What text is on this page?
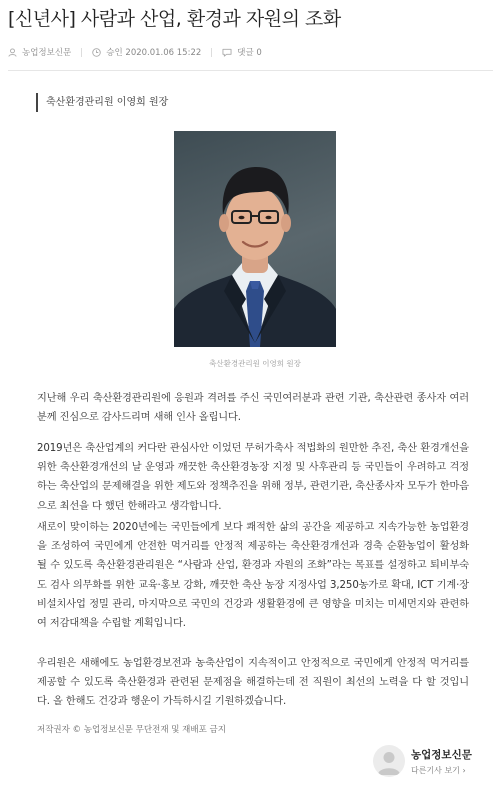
[신년사] 사람과 산업, 환경과 자원의 조화
농업정보신문	승인 2020.01.06 15:22	댓글 0
축산환경관리원 이영희 원장
축산환경관리원 이영희 원장

지난해 우리 축산환경관리원에 응원과 격려를 주신 국민여러분과 관련 기관, 축산관련 종사자 여러분께 진심으로 감사드리며 새해 인사 올립니다.

2019년은 축산업계의 커다란 관심사안 이었던 무허가축사 적법화의 원만한 추진, 축산 환경개선을 위한 축산환경개선의 날 운영과 깨끗한 축산환경농장 지정 및 사후관리 등 국민들이 우려하고 걱정하는 축산업의 문제해결을 위한 제도와 정책추진을 위해 정부, 관련기관, 축산종사자 모두가 한마음으로 최선을 다 했던 한해라고 생각합니다.

새로이 맞이하는 2020년에는 국민들에게 보다 쾌적한 삶의 공간을 제공하고 지속가능한 농업환경을 조성하여 국민에게 안전한 먹거리를 안정적 제공하는 축산환경개선과 경축 순환농업이 활성화 될 수 있도록 축산환경관리원은 “사람과 산업, 환경과 자원의 조화”라는 목표를 설정하고 퇴비부숙도 검사 의무화를 위한 교육·홍보 강화, 깨끗한 축산 농장 지정사업 3,250농가로 확대, ICT 기계·장비설치사업 정밀 관리, 마지막으로 국민의 건강과 생활환경에 큰 영향을 미치는 미세먼지와 관련하여 저감대책을 수립할 계획입니다.

우리원은 새해에도 농업환경보전과 농축산업이 지속적이고 안정적으로 국민에게 안정적 먹거리를 제공할 수 있도록 축산환경과 관련된 문제점을 해결하는데 전 직원이 최선의 노력을 다 할 것입니다. 올 한해도 건강과 행운이 가득하시길 기원하겠습니다.

저작권자 © 농업정보신문 무단전재 및 재배포 금지
농업정보신문
다른기사 보기 ›
